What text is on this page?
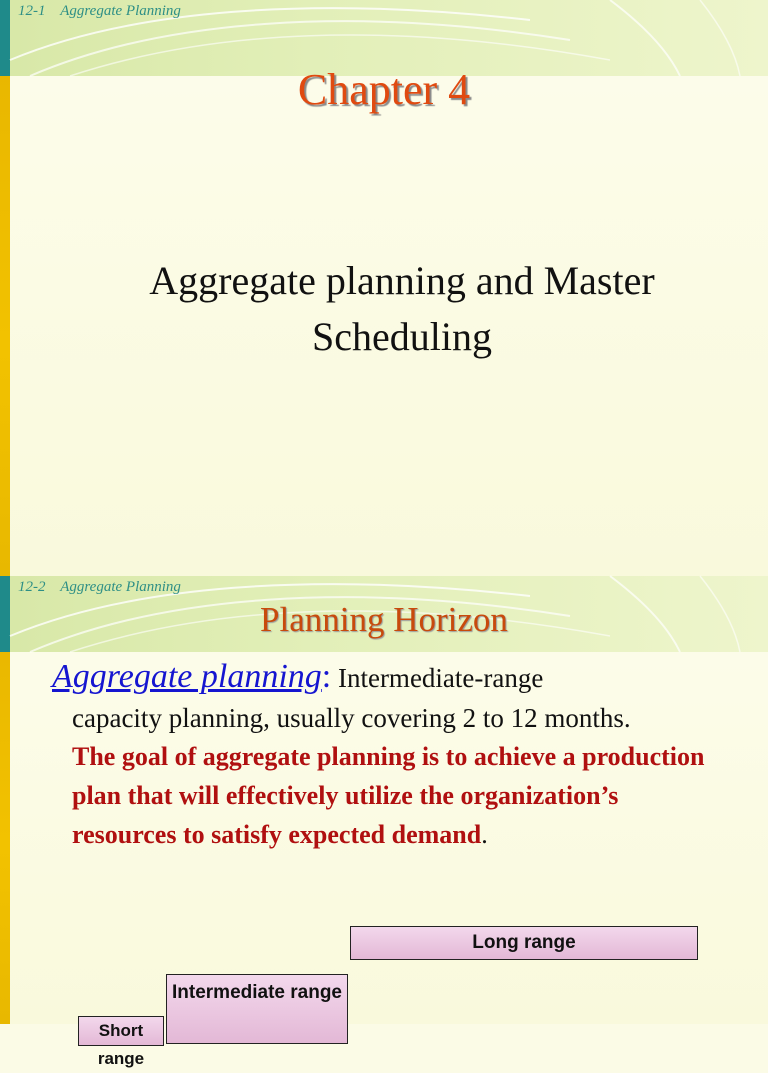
12-1    Aggregate Planning
Chapter 4
Aggregate planning and Master Scheduling
12-2    Aggregate Planning
Planning Horizon
Aggregate planning: Intermediate-range
capacity planning, usually covering 2 to 12 months.
The goal of aggregate planning is to achieve a production plan that will effectively utilize the organization’s resources to satisfy expected demand.
Long range
Intermediate range
Short range
